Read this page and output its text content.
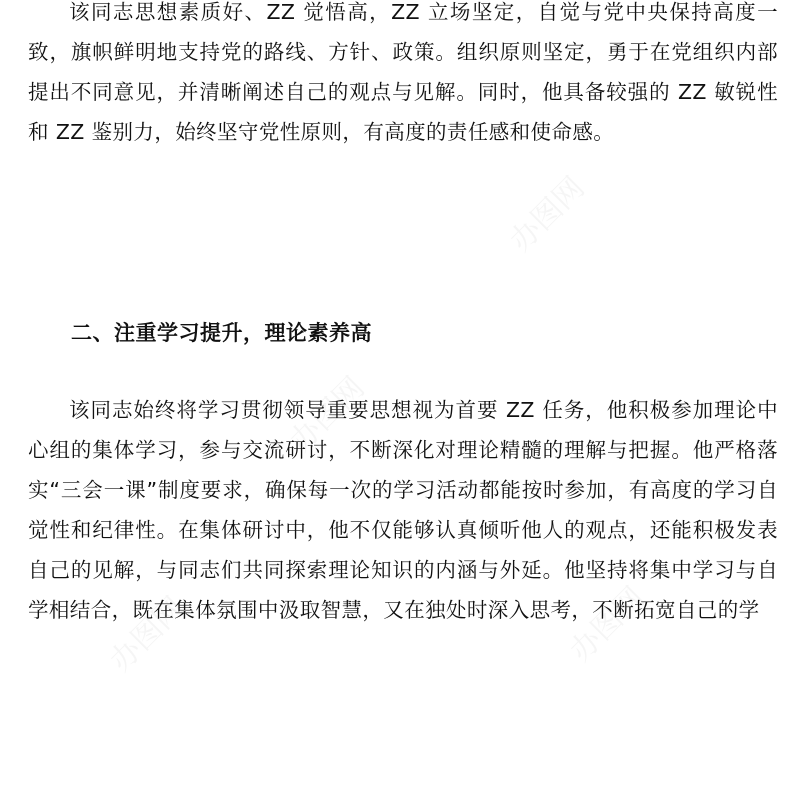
该同志思想素质好、ZZ 觉悟高，ZZ 立场坚定，自觉与党中央保持高度一致，旗帜鲜明地支持党的路线、方针、政策。组织原则坚定，勇于在党组织内部提出不同意见，并清晰阐述自己的观点与见解。同时，他具备较强的 ZZ 敏锐性和 ZZ 鉴别力，始终坚守党性原则，有高度的责任感和使命感。

二、注重学习提升，理论素养高

该同志始终将学习贯彻领导重要思想视为首要 ZZ 任务，他积极参加理论中心组的集体学习，参与交流研讨，不断深化对理论精髓的理解与把握。他严格落实“三会一课”制度要求，确保每一次的学习活动都能按时参加，有高度的学习自觉性和纪律性。在集体研讨中，他不仅能够认真倾听他人的观点，还能积极发表自己的见解，与同志们共同探索理论知识的内涵与外延。他坚持将集中学习与自学相结合，既在集体氛围中汲取智慧，又在独处时深入思考，不断拓宽自己的学

办图网
办图网
办图网	办图网
